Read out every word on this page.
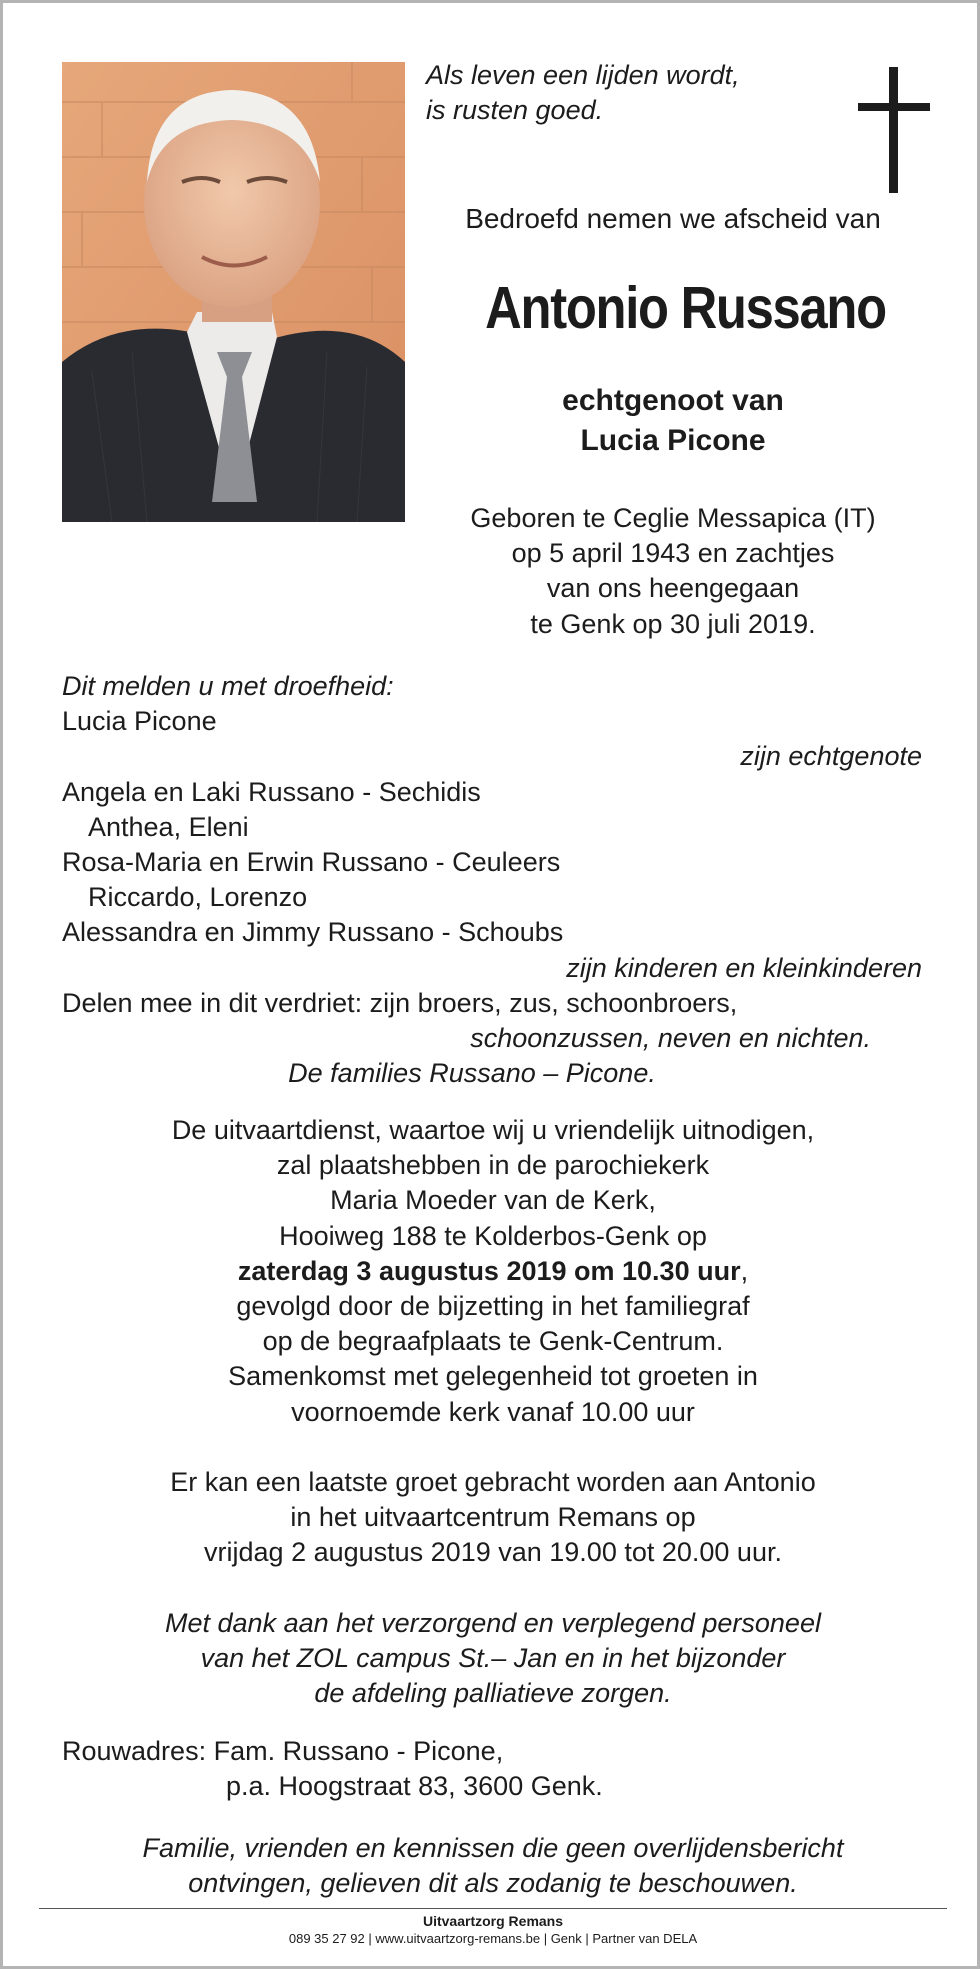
Als leven een lijden wordt,
is rusten goed.
Bedroefd nemen we afscheid van
Antonio Russano
echtgenoot van
Lucia Picone
Geboren te Ceglie Messapica (IT)
op 5 april 1943 en zachtjes
van ons heengegaan
te Genk op 30 juli 2019.
Dit melden u met droefheid:
Lucia Picone
zijn echtgenote
Angela en Laki Russano - Sechidis
Anthea, Eleni
Rosa-Maria en Erwin Russano - Ceuleers
Riccardo, Lorenzo
Alessandra en Jimmy Russano - Schoubs
zijn kinderen en kleinkinderen
Delen mee in dit verdriet: zijn broers, zus, schoonbroers,
schoonzussen, neven en nichten.
De families Russano – Picone.
De uitvaartdienst, waartoe wij u vriendelijk uitnodigen,
zal plaatshebben in de parochiekerk
Maria Moeder van de Kerk,
Hooiweg 188 te Kolderbos-Genk op
zaterdag 3 augustus 2019 om 10.30 uur,
gevolgd door de bijzetting in het familiegraf
op de begraafplaats te Genk-Centrum.
Samenkomst met gelegenheid tot groeten in
voornoemde kerk vanaf 10.00 uur
Er kan een laatste groet gebracht worden aan Antonio
in het uitvaartcentrum Remans op
vrijdag 2 augustus 2019 van 19.00 tot 20.00 uur.
Met dank aan het verzorgend en verplegend personeel
van het ZOL campus St.– Jan en in het bijzonder
de afdeling palliatieve zorgen.
Rouwadres: Fam. Russano - Picone,
p.a. Hoogstraat 83, 3600 Genk.
Familie, vrienden en kennissen die geen overlijdensbericht
ontvingen, gelieven dit als zodanig te beschouwen.
Uitvaartzorg Remans
089 35 27 92 | www.uitvaartzorg-remans.be | Genk | Partner van DELA
